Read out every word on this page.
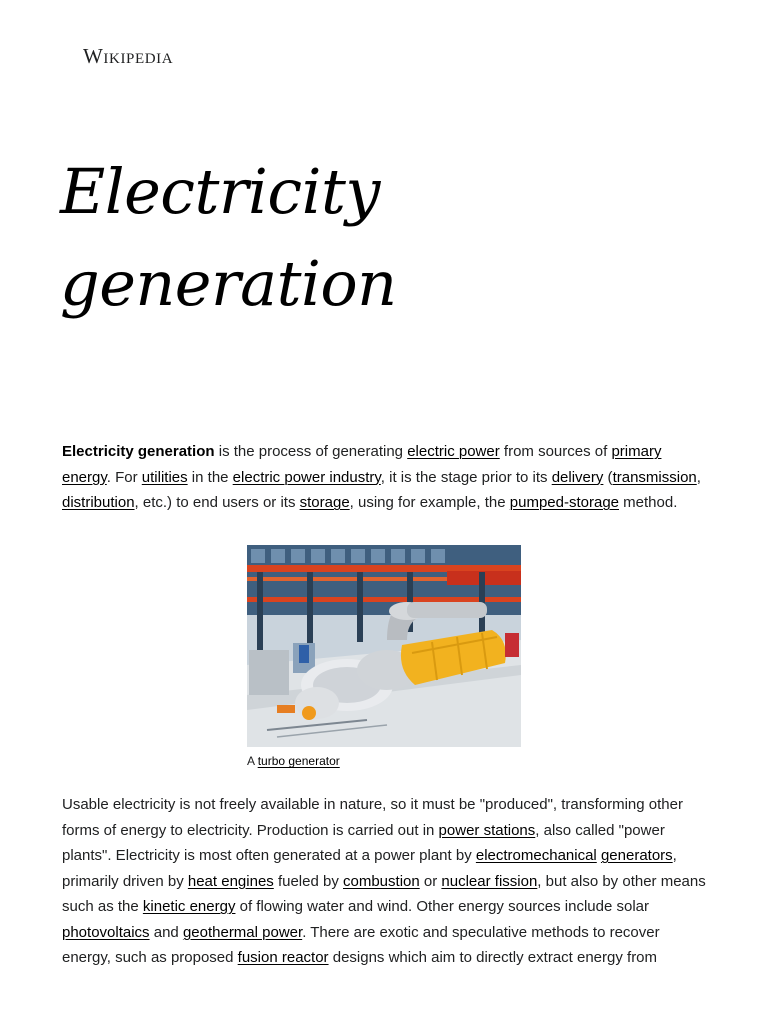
Wikipedia
Electricity
generation

Electricity generation is the process of generating electric power from sources of primary energy. For utilities in the electric power industry, it is the stage prior to its delivery (transmission, distribution, etc.) to end users or its storage, using for example, the pumped-storage method.

A turbo generator

Usable electricity is not freely available in nature, so it must be "produced", transforming other forms of energy to electricity. Production is carried out in power stations, also called "power plants". Electricity is most often generated at a power plant by electromechanical generators, primarily driven by heat engines fueled by combustion or nuclear fission, but also by other means such as the kinetic energy of flowing water and wind. Other energy sources include solar photovoltaics and geothermal power. There are exotic and speculative methods to recover energy, such as proposed fusion reactor designs which aim to directly extract energy from
